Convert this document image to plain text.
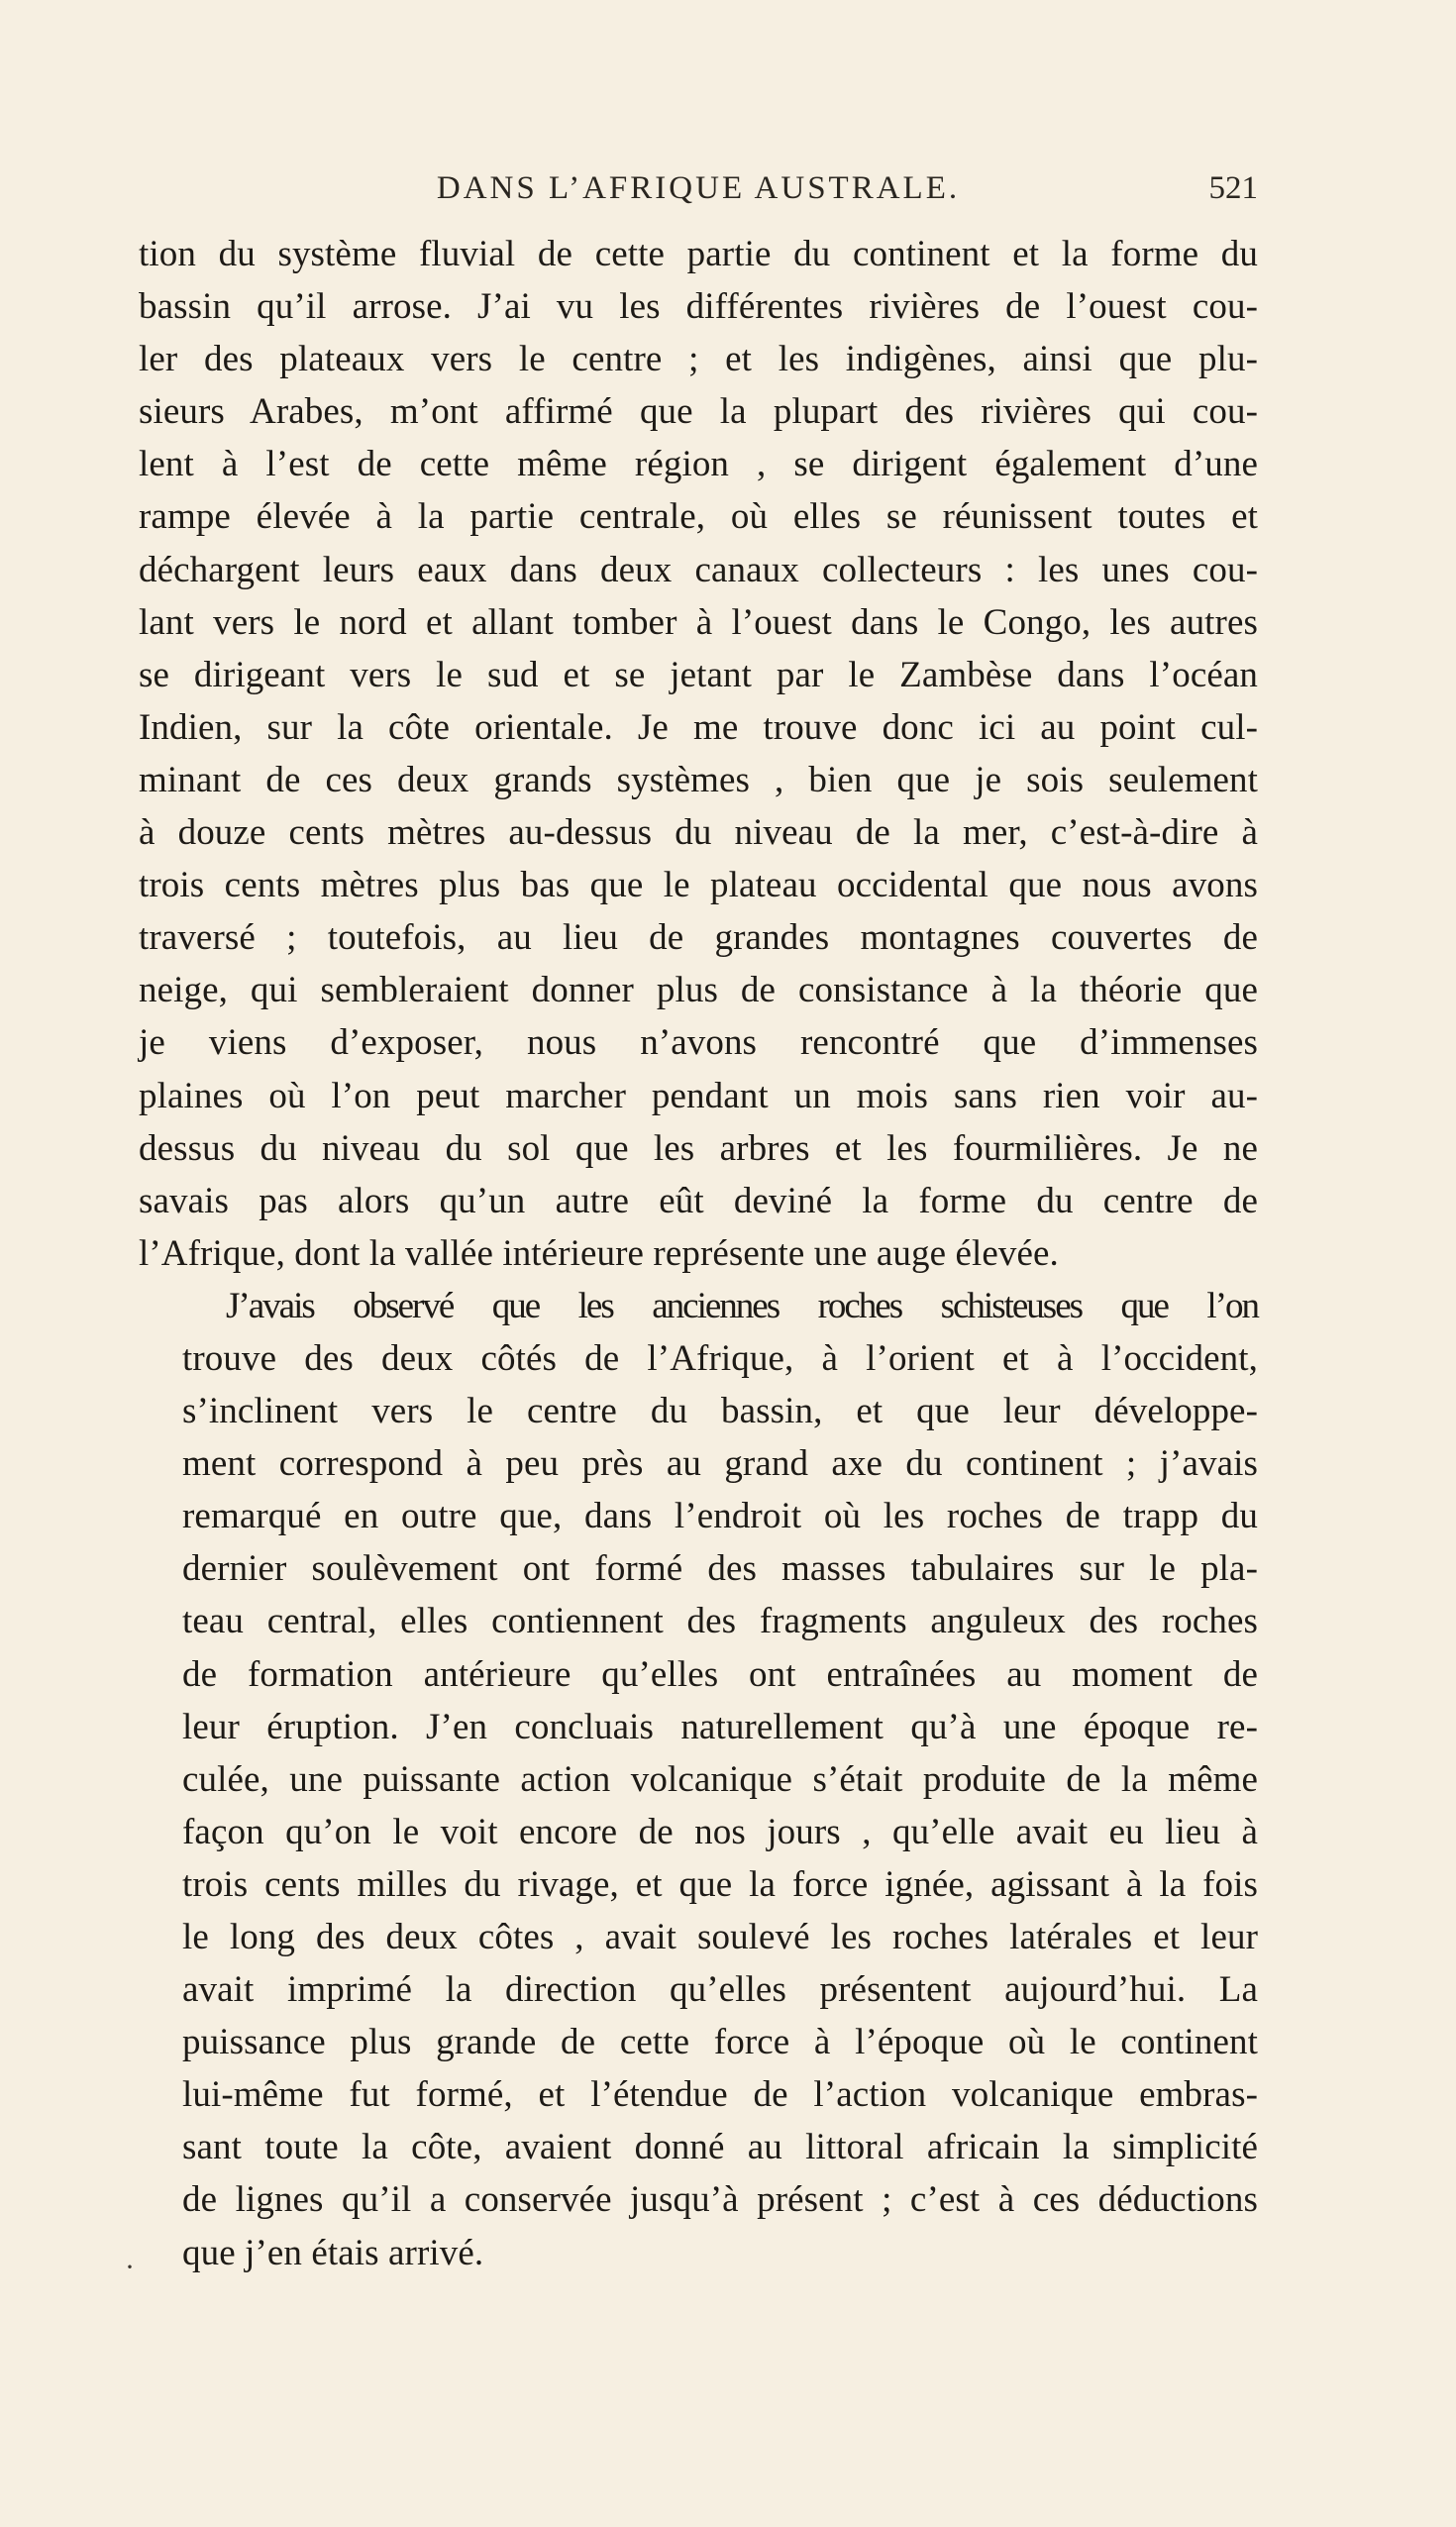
DANS L’AFRIQUE AUSTRALE.	521
tion du système fluvial de cette partie du continent et la forme du
bassin qu’il arrose. J’ai vu les différentes rivières de l’ouest cou-
ler des plateaux vers le centre ; et les indigènes, ainsi que plu-
sieurs Arabes, m’ont affirmé que la plupart des rivières qui cou-
lent à l’est de cette même région , se dirigent également d’une
rampe élevée à la partie centrale, où elles se réunissent toutes et
déchargent leurs eaux dans deux canaux collecteurs : les unes cou-
lant vers le nord et allant tomber à l’ouest dans le Congo, les autres
se dirigeant vers le sud et se jetant par le Zambèse dans l’océan
Indien, sur la côte orientale. Je me trouve donc ici au point cul-
minant de ces deux grands systèmes , bien que je sois seulement
à douze cents mètres au-dessus du niveau de la mer, c’est-à-dire à
trois cents mètres plus bas que le plateau occidental que nous avons
traversé ; toutefois, au lieu de grandes montagnes couvertes de
neige, qui sembleraient donner plus de consistance à la théorie que
je viens d’exposer, nous n’avons rencontré que d’immenses
plaines où l’on peut marcher pendant un mois sans rien voir au-
dessus du niveau du sol que les arbres et les fourmilières. Je ne
savais pas alors qu’un autre eût deviné la forme du centre de
l’Afrique, dont la vallée intérieure représente une auge élevée.
J’avais observé que les anciennes roches schisteuses que l’on
trouve des deux côtés de l’Afrique, à l’orient et à l’occident,
s’inclinent vers le centre du bassin, et que leur développe-
ment correspond à peu près au grand axe du continent ; j’avais
remarqué en outre que, dans l’endroit où les roches de trapp du
dernier soulèvement ont formé des masses tabulaires sur le pla-
teau central, elles contiennent des fragments anguleux des roches
de formation antérieure qu’elles ont entraînées au moment de
leur éruption. J’en concluais naturellement qu’à une époque re-
culée, une puissante action volcanique s’était produite de la même
façon qu’on le voit encore de nos jours , qu’elle avait eu lieu à
trois cents milles du rivage, et que la force ignée, agissant à la fois
le long des deux côtes , avait soulevé les roches latérales et leur
avait imprimé la direction qu’elles présentent aujourd’hui. La
puissance plus grande de cette force à l’époque où le continent
lui-même fut formé, et l’étendue de l’action volcanique embras-
sant toute la côte, avaient donné au littoral africain la simplicité
de lignes qu’il a conservée jusqu’à présent ; c’est à ces déductions
que j’en étais arrivé.
·
